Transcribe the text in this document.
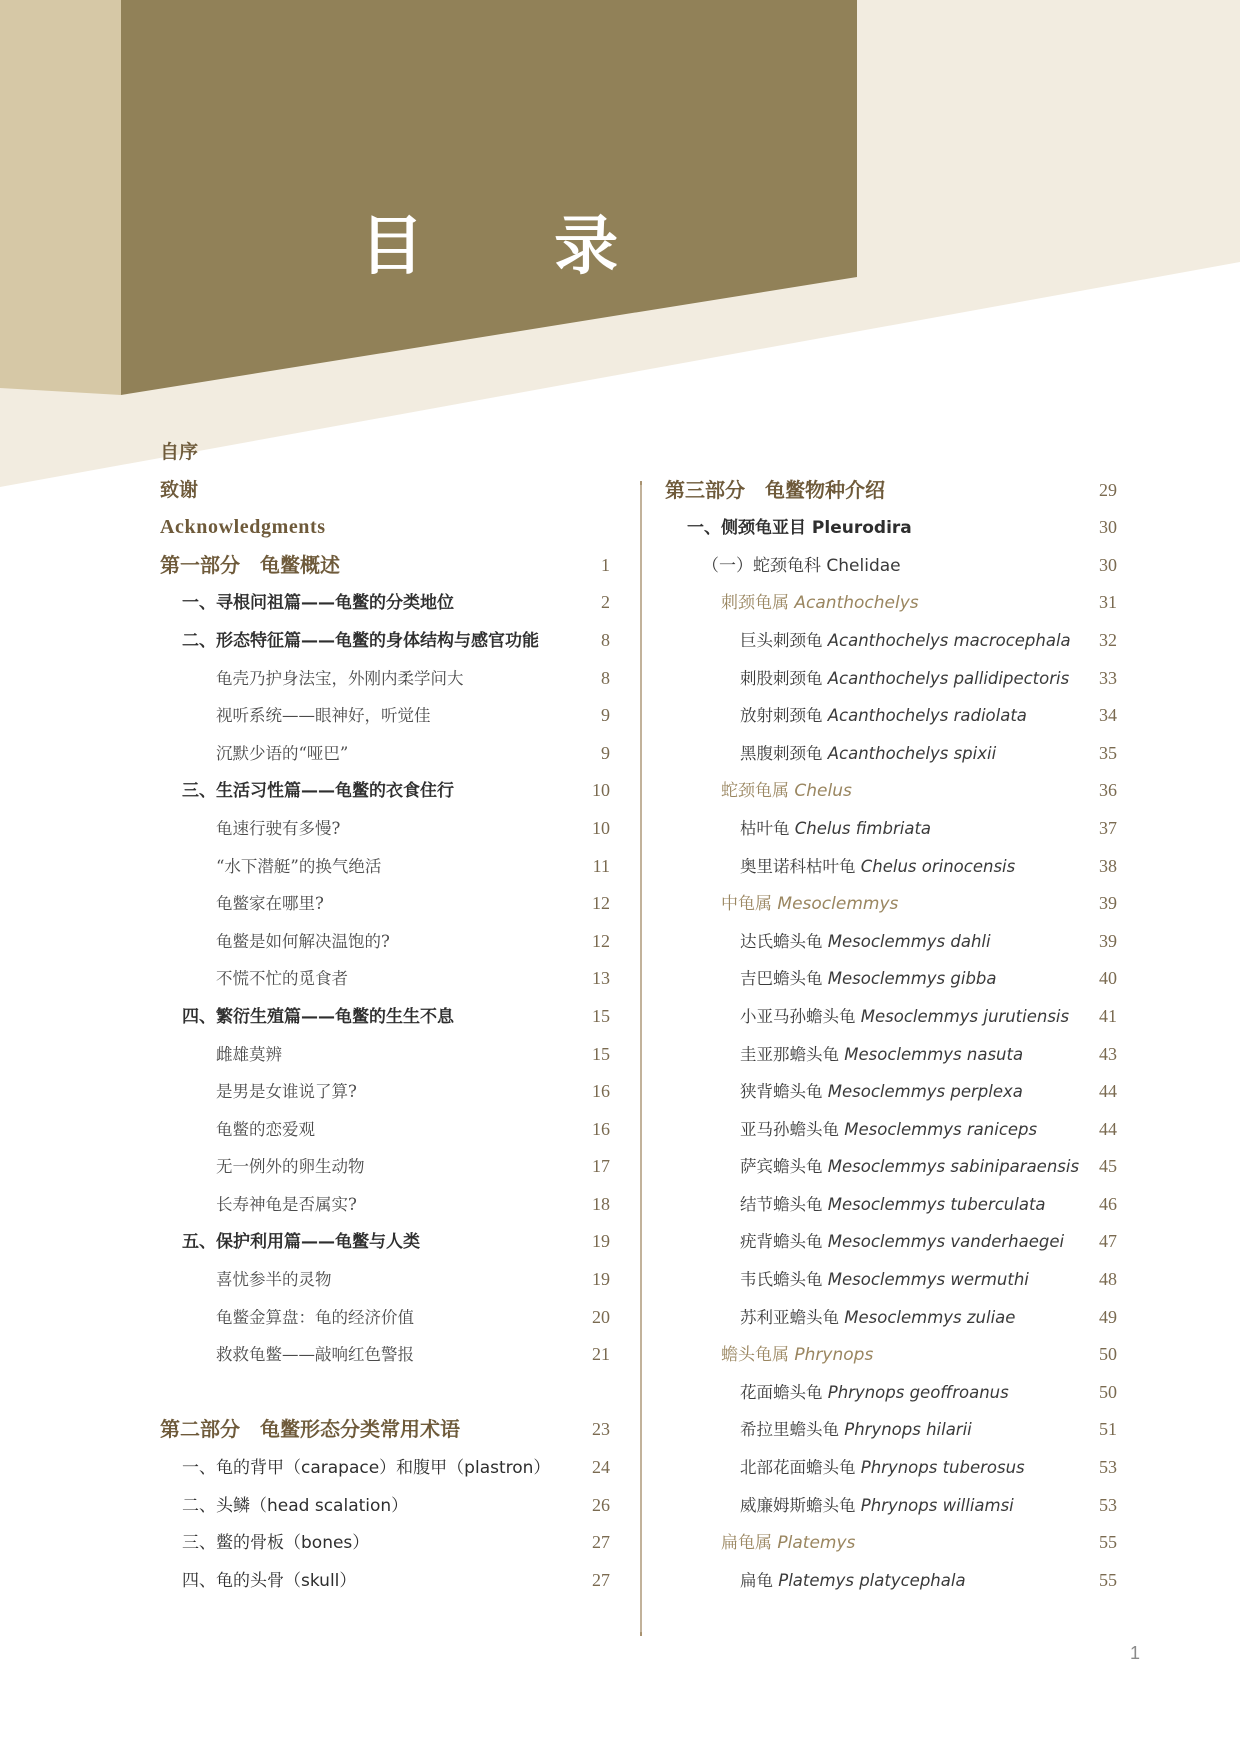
目 录
自序
致谢
Acknowledgments
第一部分　龟鳖概述	1
一、寻根问祖篇——龟鳖的分类地位	2
二、形态特征篇——龟鳖的身体结构与感官功能	8
龟壳乃护身法宝，外刚内柔学问大	8
视听系统——眼神好，听觉佳	9
沉默少语的“哑巴”	9
三、生活习性篇——龟鳖的衣食住行	10
龟速行驶有多慢?	10
“水下潜艇”的换气绝活	11
龟鳖家在哪里?	12
龟鳖是如何解决温饱的?	12
不慌不忙的觅食者	13
四、繁衍生殖篇——龟鳖的生生不息	15
雌雄莫辨	15
是男是女谁说了算?	16
龟鳖的恋爱观	16
无一例外的卵生动物	17
长寿神龟是否属实?	18
五、保护利用篇——龟鳖与人类	19
喜忧参半的灵物	19
龟鳖金算盘：龟的经济价值	20
救救龟鳖——敲响红色警报	21
第二部分　龟鳖形态分类常用术语	23
一、龟的背甲（carapace）和腹甲（plastron） 24
二、头鳞（head scalation）	26
三、鳖的骨板（bones）	27
四、龟的头骨（skull）	27
第三部分　龟鳖物种介绍	29
一、侧颈龟亚目 Pleurodira	30
（一）蛇颈龟科 Chelidae	30
刺颈龟属 Acanthochelys	31
巨头刺颈龟 Acanthochelys macrocephala 32
刺股刺颈龟 Acanthochelys pallidipectoris 33
放射刺颈龟 Acanthochelys radiolata	34
黑腹刺颈龟 Acanthochelys spixii	35
蛇颈龟属 Chelus	36
枯叶龟 Chelus fimbriata	37
奥里诺科枯叶龟 Chelus orinocensis	38
中龟属 Mesoclemmys	39
达氏蟾头龟 Mesoclemmys dahli	39
吉巴蟾头龟 Mesoclemmys gibba	40
小亚马孙蟾头龟 Mesoclemmys jurutiensis 41
圭亚那蟾头龟 Mesoclemmys nasuta	43
狭背蟾头龟 Mesoclemmys perplexa	44
亚马孙蟾头龟 Mesoclemmys raniceps	44
萨宾蟾头龟 Mesoclemmys sabiniparaensis 45
结节蟾头龟 Mesoclemmys tuberculata	46
疣背蟾头龟 Mesoclemmys vanderhaegei 47
韦氏蟾头龟 Mesoclemmys wermuthi	48
苏利亚蟾头龟 Mesoclemmys zuliae	49
蟾头龟属 Phrynops	50
花面蟾头龟 Phrynops geoffroanus	50
希拉里蟾头龟 Phrynops hilarii	51
北部花面蟾头龟 Phrynops tuberosus	53
威廉姆斯蟾头龟 Phrynops williamsi	53
扁龟属 Platemys	55
扁龟 Platemys platycephala	55
1
